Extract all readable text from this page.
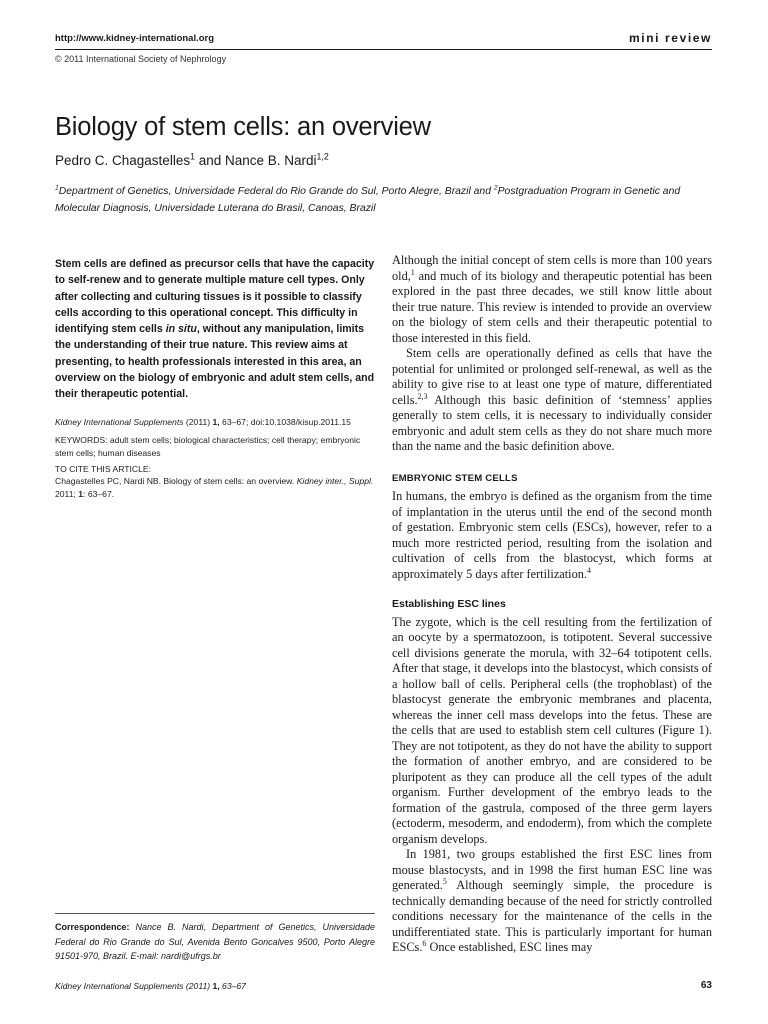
http://www.kidney-international.org	mini review
© 2011 International Society of Nephrology
Biology of stem cells: an overview
Pedro C. Chagastelles$^1$ and Nance B. Nardi$^{1,2}$
$^1$Department of Genetics, Universidade Federal do Rio Grande do Sul, Porto Alegre, Brazil and $^2$Postgraduation Program in Genetic and Molecular Diagnosis, Universidade Luterana do Brasil, Canoas, Brazil

Stem cells are defined as precursor cells that have the capacity to self-renew and to generate multiple mature cell types. Only after collecting and culturing tissues is it possible to classify cells according to this operational concept. This difficulty in identifying stem cells in situ, without any manipulation, limits the understanding of their true nature. This review aims at presenting, to health professionals interested in this area, an overview on the biology of embryonic and adult stem cells, and their therapeutic potential.

Kidney International Supplements (2011) 1, 63–67; doi:10.1038/kisup.2011.15
KEYWORDS: adult stem cells; biological characteristics; cell therapy; embryonic stem cells; human diseases
TO CITE THIS ARTICLE:
Chagastelles PC, Nardi NB. Biology of stem cells: an overview. Kidney inter., Suppl. 2011; 1: 63–67.
Correspondence: Nance B. Nardi, Department of Genetics, Universidade Federal do Rio Grande do Sul, Avenida Bento Goncalves 9500, Porto Alegre 91501-970, Brazil. E-mail: nardi@ufrgs.br

Although the initial concept of stem cells is more than 100 years old,$^1$ and much of its biology and therapeutic potential has been explored in the past three decades, we still know little about their true nature. This review is intended to provide an overview on the biology of stem cells and their therapeutic potential to those interested in this field.

Stem cells are operationally defined as cells that have the potential for unlimited or prolonged self-renewal, as well as the ability to give rise to at least one type of mature, differentiated cells.$^{2,3}$ Although this basic definition of ‘stemness’ applies generally to stem cells, it is necessary to individually consider embryonic and adult stem cells as they do not share much more than the name and the basic definition above.

EMBRYONIC STEM CELLS

In humans, the embryo is defined as the organism from the time of implantation in the uterus until the end of the second month of gestation. Embryonic stem cells (ESCs), however, refer to a much more restricted period, resulting from the isolation and cultivation of cells from the blastocyst, which forms at approximately 5 days after fertilization.$^4$

Establishing ESC lines

The zygote, which is the cell resulting from the fertilization of an oocyte by a spermatozoon, is totipotent. Several successive cell divisions generate the morula, with 32–64 totipotent cells. After that stage, it develops into the blastocyst, which consists of a hollow ball of cells. Peripheral cells (the trophoblast) of the blastocyst generate the embryonic membranes and placenta, whereas the inner cell mass develops into the fetus. These are the cells that are used to establish stem cell cultures (Figure 1). They are not totipotent, as they do not have the ability to support the formation of another embryo, and are considered to be pluripotent as they can produce all the cell types of the adult organism. Further development of the embryo leads to the formation of the gastrula, composed of the three germ layers (ectoderm, mesoderm, and endoderm), from which the complete organism develops.

In 1981, two groups established the first ESC lines from mouse blastocysts, and in 1998 the first human ESC line was generated.$^5$ Although seemingly simple, the procedure is technically demanding because of the need for strictly controlled conditions necessary for the maintenance of the cells in the undifferentiated state. This is particularly important for human ESCs.$^6$ Once established, ESC lines may

Kidney International Supplements (2011) 1, 63–67	63
